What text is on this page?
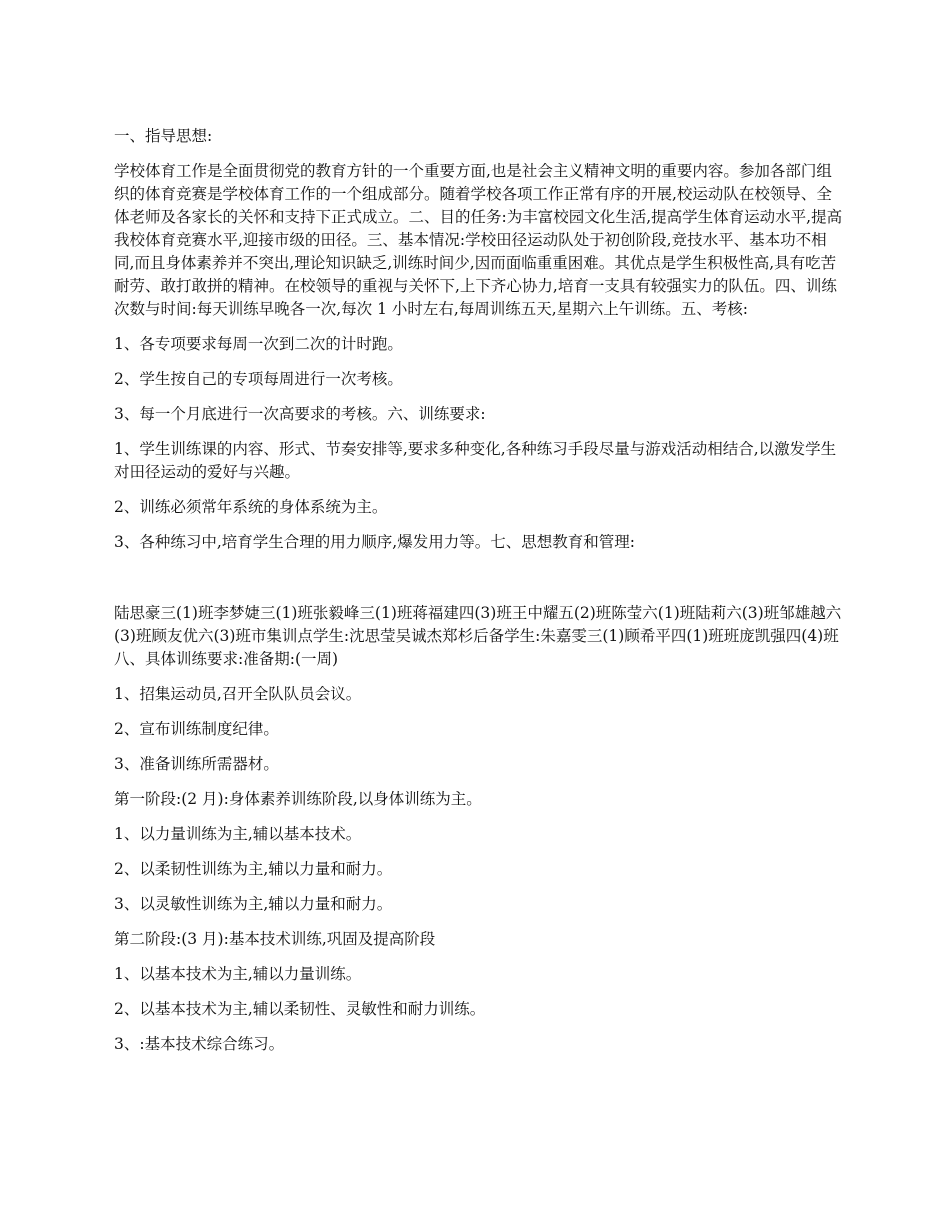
一、指导思想:

学校体育工作是全面贯彻党的教育方针的一个重要方面,也是社会主义精神文明的重要内容。参加各部门组织的体育竞赛是学校体育工作的一个组成部分。随着学校各项工作正常有序的开展,校运动队在校领导、全体老师及各家长的关怀和支持下正式成立。二、目的任务:为丰富校园文化生活,提高学生体育运动水平,提高我校体育竞赛水平,迎接市级的田径。三、基本情况:学校田径运动队处于初创阶段,竞技水平、基本功不相同,而且身体素养并不突出,理论知识缺乏,训练时间少,因而面临重重困难。其优点是学生积极性高,具有吃苦耐劳、敢打敢拼的精神。在校领导的重视与关怀下,上下齐心协力,培育一支具有较强实力的队伍。四、训练次数与时间:每天训练早晚各一次,每次 1 小时左右,每周训练五天,星期六上午训练。五、考核:

1、各专项要求每周一次到二次的计时跑。

2、学生按自己的专项每周进行一次考核。

3、每一个月底进行一次高要求的考核。六、训练要求:

1、学生训练课的内容、形式、节奏安排等,要求多种变化,各种练习手段尽量与游戏活动相结合,以激发学生对田径运动的爱好与兴趣。

2、训练必须常年系统的身体系统为主。

3、各种练习中,培育学生合理的用力顺序,爆发用力等。七、思想教育和管理:

陆思豪三(1)班李梦婕三(1)班张毅峰三(1)班蒋福建四(3)班王中耀五(2)班陈莹六(1)班陆莉六(3)班邹雄越六(3)班顾友优六(3)班市集训点学生:沈思莹吴诚杰郑杉后备学生:朱嘉雯三(1)顾希平四(1)班班庞凯强四(4)班八、具体训练要求:准备期:(一周)

1、招集运动员,召开全队队员会议。

2、宣布训练制度纪律。

3、准备训练所需器材。

第一阶段:(2 月):身体素养训练阶段,以身体训练为主。

1、以力量训练为主,辅以基本技术。

2、以柔韧性训练为主,辅以力量和耐力。

3、以灵敏性训练为主,辅以力量和耐力。

第二阶段:(3 月):基本技术训练,巩固及提高阶段

1、以基本技术为主,辅以力量训练。

2、以基本技术为主,辅以柔韧性、灵敏性和耐力训练。

3、:基本技术综合练习。
